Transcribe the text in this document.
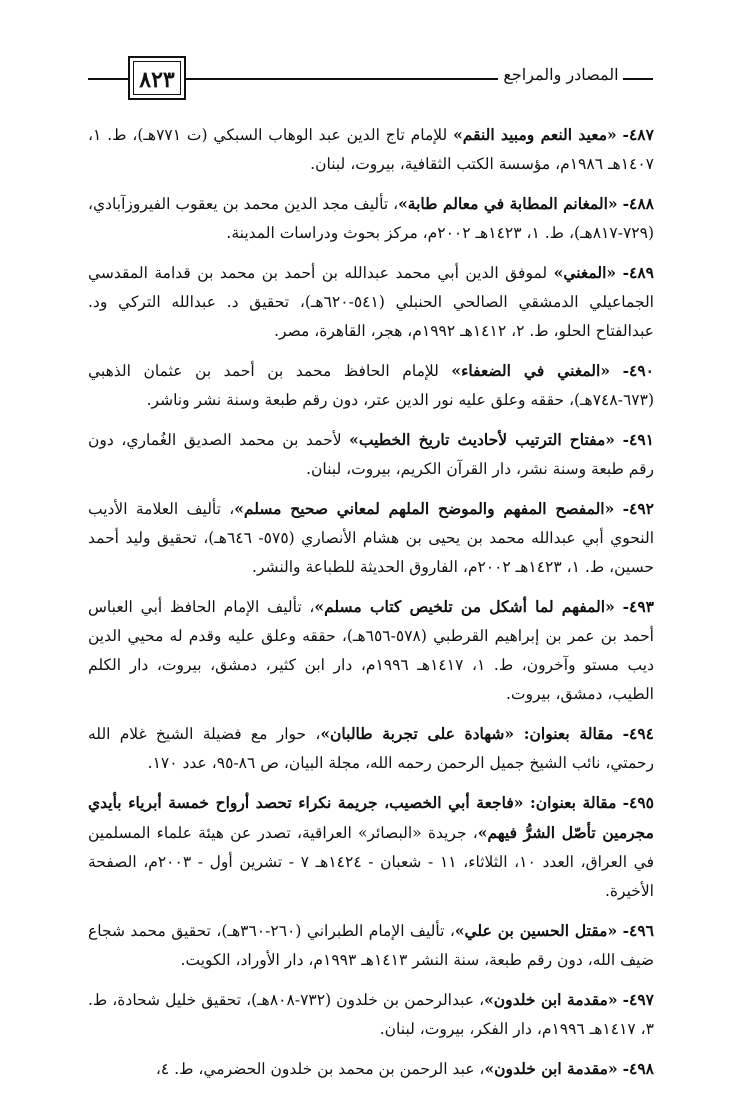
٨٢٣	المصادر والمراجع

٤٨٧- «معيد النعم ومبيد النقم» للإمام تاج الدين عبد الوهاب السبكي (ت ٧٧١هـ)، ط. ١، ١٤٠٧هـ ١٩٨٦م، مؤسسة الكتب الثقافية، بيروت، لبنان.

٤٨٨- «المغانم المطابة في معالم طابة»، تأليف مجد الدين محمد بن يعقوب الفيروزآبادي، (٧٢٩-٨١٧هـ)، ط. ١، ١٤٢٣هـ ٢٠٠٢م، مركز بحوث ودراسات المدينة.

٤٨٩- «المغني» لموفق الدين أبي محمد عبدالله بن أحمد بن محمد بن قدامة المقدسي الجماعيلي الدمشقي الصالحي الحنبلي (٥٤١-٦٢٠هـ)، تحقيق د. عبدالله التركي ود. عبدالفتاح الحلو، ط. ٢، ١٤١٢هـ ١٩٩٢م، هجر، القاهرة، مصر.

٤٩٠- «المغني في الضعفاء» للإمام الحافظ محمد بن أحمد بن عثمان الذهبي (٦٧٣-٧٤٨هـ)، حققه وعلق عليه نور الدين عتر، دون رقم طبعة وسنة نشر وناشر.

٤٩١- «مفتاح الترتيب لأحاديث تاريخ الخطيب» لأحمد بن محمد الصديق الغُماري، دون رقم طبعة وسنة نشر، دار القرآن الكريم، بيروت، لبنان.

٤٩٢- «المفصح المفهم والموضح الملهم لمعاني صحيح مسلم»، تأليف العلامة الأديب النحوي أبي عبدالله محمد بن يحيى بن هشام الأنصاري (٥٧٥- ٦٤٦هـ)، تحقيق وليد أحمد حسين، ط. ١، ١٤٢٣هـ ٢٠٠٢م، الفاروق الحديثة للطباعة والنشر.

٤٩٣- «المفهم لما أشكل من تلخيص كتاب مسلم»، تأليف الإمام الحافظ أبي العباس أحمد بن عمر بن إبراهيم القرطبي (٥٧٨-٦٥٦هـ)، حققه وعلق عليه وقدم له محيي الدين ديب مستو وآخرون، ط. ١، ١٤١٧هـ ١٩٩٦م، دار ابن كثير، دمشق، بيروت، دار الكلم الطيب، دمشق، بيروت.

٤٩٤- مقالة بعنوان: «شهادة على تجربة طالبان»، حوار مع فضيلة الشيخ غلام الله رحمتي، نائب الشيخ جميل الرحمن رحمه الله، مجلة البيان، ص ٨٦-٩٥، عدد ١٧٠.

٤٩٥- مقالة بعنوان: «فاجعة أبي الخصيب، جريمة نكراء تحصد أرواح خمسة أبرياء بأيدي مجرمين تأصّل الشرُّ فيهم»، جريدة «البصائر» العراقية، تصدر عن هيئة علماء المسلمين في العراق، العدد ١٠، الثلاثاء، ١١ - شعبان - ١٤٢٤هـ ٧ - تشرين أول - ٢٠٠٣م، الصفحة الأخيرة.

٤٩٦- «مقتل الحسين بن علي»، تأليف الإمام الطبراني (٢٦٠-٣٦٠هـ)، تحقيق محمد شجاع ضيف الله، دون رقم طبعة، سنة النشر ١٤١٣هـ ١٩٩٣م، دار الأوراد، الكويت.

٤٩٧- «مقدمة ابن خلدون»، عبدالرحمن بن خلدون (٧٣٢-٨٠٨هـ)، تحقيق خليل شحادة، ط. ٣، ١٤١٧هـ ١٩٩٦م، دار الفكر، بيروت، لبنان.

٤٩٨- «مقدمة ابن خلدون»، عبد الرحمن بن محمد بن خلدون الحضرمي، ط. ٤،
